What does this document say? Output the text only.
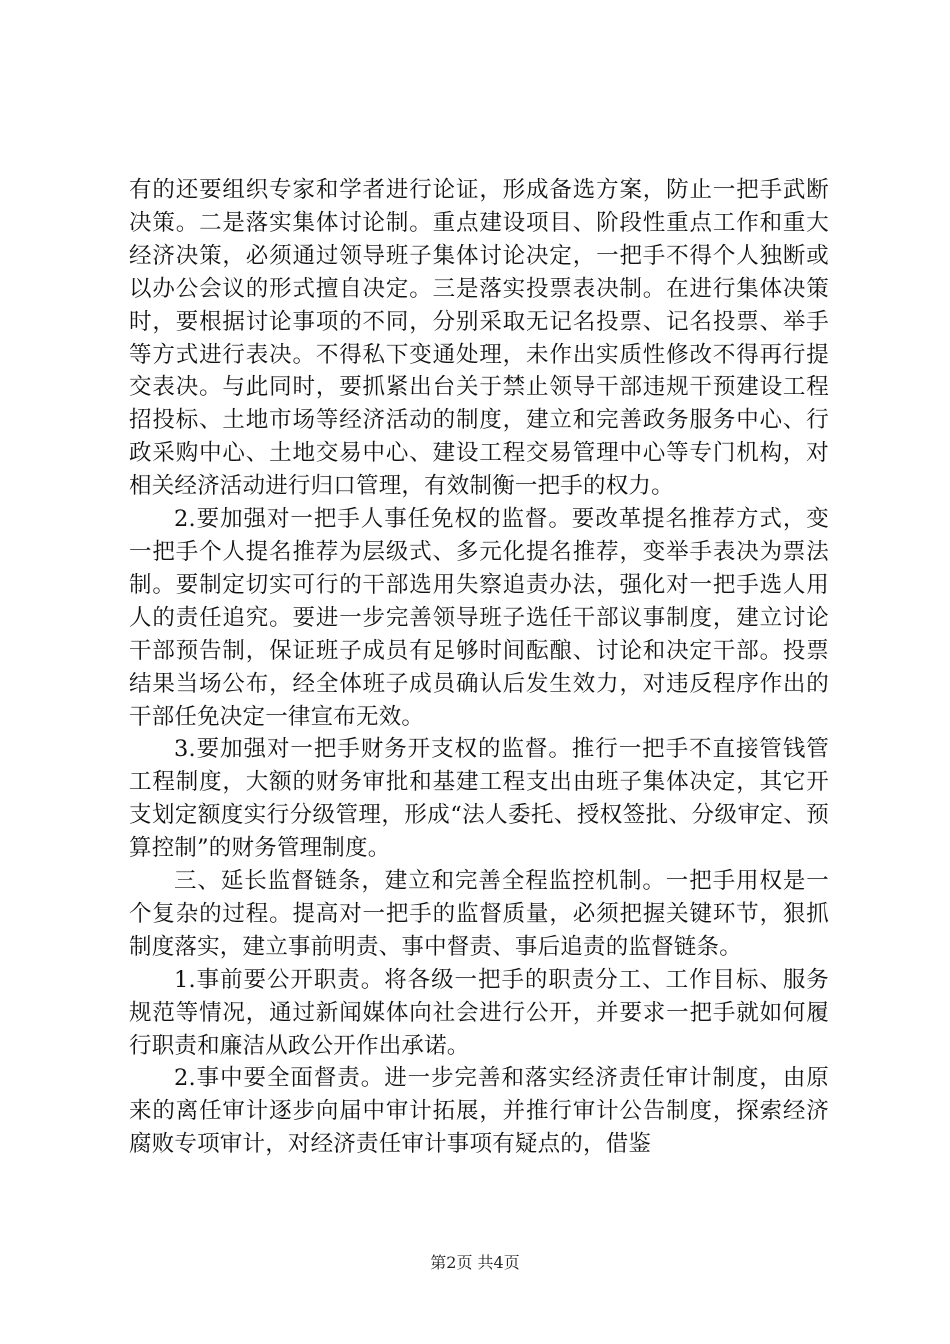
有的还要组织专家和学者进行论证，形成备选方案，防止一把手武断决策。二是落实集体讨论制。重点建设项目、阶段性重点工作和重大经济决策，必须通过领导班子集体讨论决定，一把手不得个人独断或以办公会议的形式擅自决定。三是落实投票表决制。在进行集体决策时，要根据讨论事项的不同，分别采取无记名投票、记名投票、举手等方式进行表决。不得私下变通处理，未作出实质性修改不得再行提交表决。与此同时，要抓紧出台关于禁止领导干部违规干预建设工程招投标、土地市场等经济活动的制度，建立和完善政务服务中心、行政采购中心、土地交易中心、建设工程交易管理中心等专门机构，对相关经济活动进行归口管理，有效制衡一把手的权力。

2.要加强对一把手人事任免权的监督。要改革提名推荐方式，变一把手个人提名推荐为层级式、多元化提名推荐，变举手表决为票法制。要制定切实可行的干部选用失察追责办法，强化对一把手选人用人的责任追究。要进一步完善领导班子选任干部议事制度，建立讨论干部预告制，保证班子成员有足够时间酝酿、讨论和决定干部。投票结果当场公布，经全体班子成员确认后发生效力，对违反程序作出的干部任免决定一律宣布无效。

3.要加强对一把手财务开支权的监督。推行一把手不直接管钱管工程制度，大额的财务审批和基建工程支出由班子集体决定，其它开支划定额度实行分级管理，形成“法人委托、授权签批、分级审定、预算控制”的财务管理制度。

三、延长监督链条，建立和完善全程监控机制。一把手用权是一个复杂的过程。提高对一把手的监督质量，必须把握关键环节，狠抓制度落实，建立事前明责、事中督责、事后追责的监督链条。

1.事前要公开职责。将各级一把手的职责分工、工作目标、服务规范等情况，通过新闻媒体向社会进行公开，并要求一把手就如何履行职责和廉洁从政公开作出承诺。

2.事中要全面督责。进一步完善和落实经济责任审计制度，由原来的离任审计逐步向届中审计拓展，并推行审计公告制度，探索经济腐败专项审计，对经济责任审计事项有疑点的，借鉴

第2页 共4页
